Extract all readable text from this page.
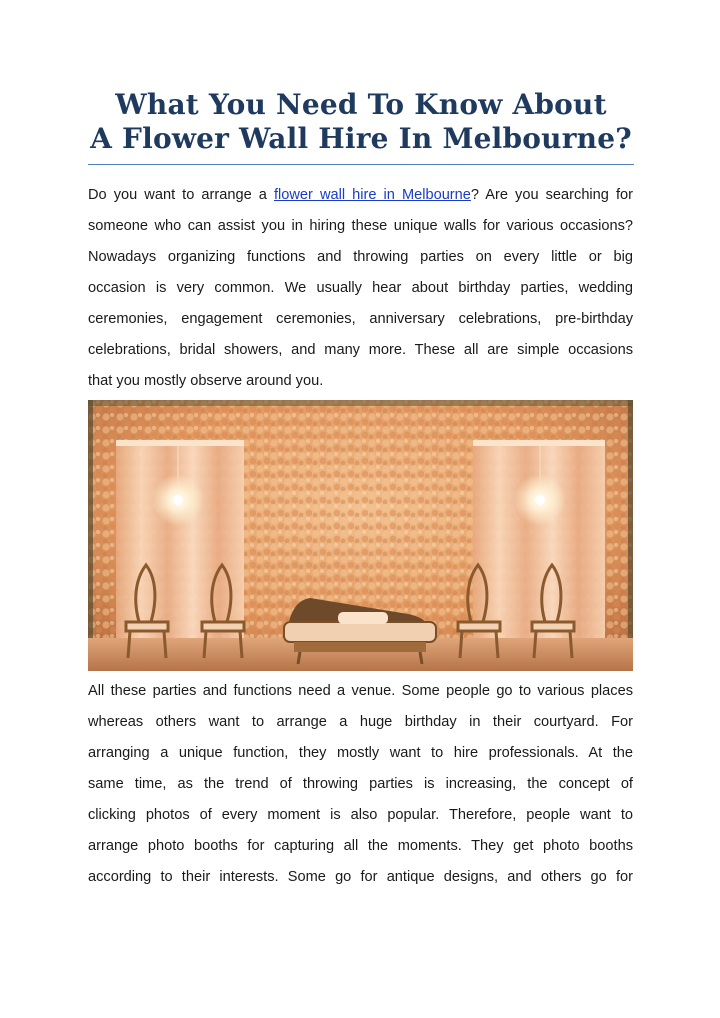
What You Need To Know About
A Flower Wall Hire In Melbourne?
Do you want to arrange a flower wall hire in Melbourne? Are you searching for
someone who can assist you in hiring these unique walls for various occasions?
Nowadays organizing functions and throwing parties on every little or big
occasion is very common. We usually hear about birthday parties, wedding
ceremonies, engagement ceremonies, anniversary celebrations, pre-birthday
celebrations, bridal showers, and many more. These all are simple occasions
that you mostly observe around you.
All these parties and functions need a venue. Some people go to various places
whereas others want to arrange a huge birthday in their courtyard. For
arranging a unique function, they mostly want to hire professionals. At the
same time, as the trend of throwing parties is increasing, the concept of
clicking photos of every moment is also popular. Therefore, people want to
arrange photo booths for capturing all the moments. They get photo booths
according to their interests. Some go for antique designs, and others go for
